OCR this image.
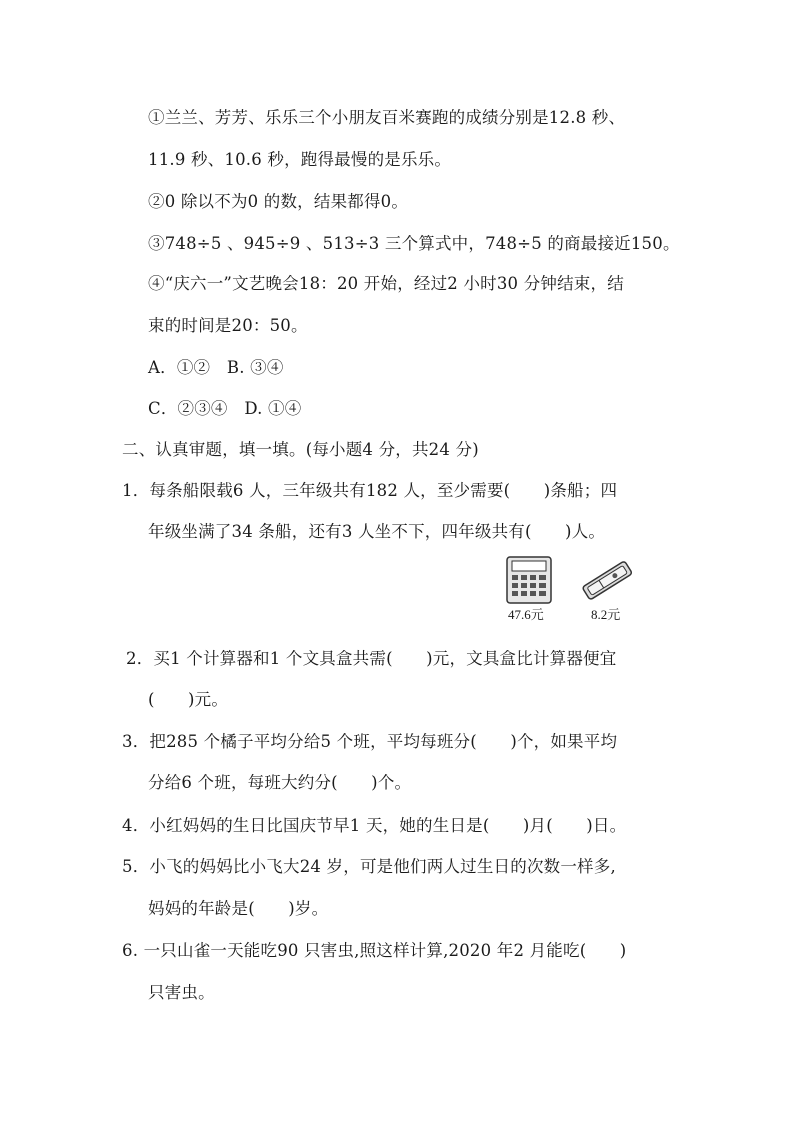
①兰兰、芳芳、乐乐三个小朋友百米赛跑的成绩分别是12.8 秒、
11.9 秒、10.6 秒，跑得最慢的是乐乐。
②0 除以不为0 的数，结果都得0。
③748÷5 、945÷9 、513÷3 三个算式中，748÷5 的商最接近150。
④“庆六一”文艺晚会18：20 开始，经过2 小时30 分钟结束，结
束的时间是20：50。
A．①②　B. ③④
C．②③④　D. ①④
二、认真审题，填一填。(每小题4 分，共24 分)
1．每条船限载6 人，三年级共有182 人，至少需要(　　)条船；四
年级坐满了34 条船，还有3 人坐不下，四年级共有(　　)人。
47.6元	8.2元
2．买1 个计算器和1 个文具盒共需(　　)元，文具盒比计算器便宜
(　　)元。
3．把285 个橘子平均分给5 个班，平均每班分(　　)个，如果平均
分给6 个班，每班大约分(　　)个。
4．小红妈妈的生日比国庆节早1 天，她的生日是(　　)月(　　)日。
5．小飞的妈妈比小飞大24 岁，可是他们两人过生日的次数一样多,
妈妈的年龄是(　　)岁。
6. 一只山雀一天能吃90 只害虫,照这样计算,2020 年2 月能吃(　　)
只害虫。
